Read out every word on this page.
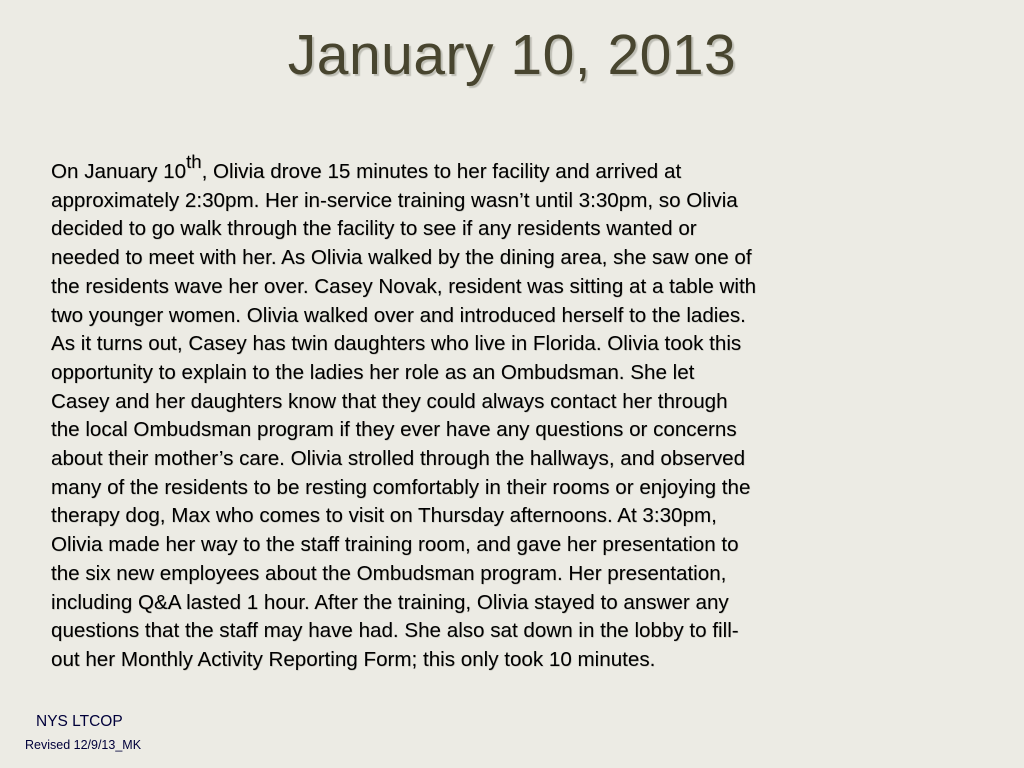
January 10, 2013
On January 10th, Olivia drove 15 minutes to her facility and arrived at
approximately 2:30pm. Her in-service training wasn’t until 3:30pm, so Olivia
decided to go walk through the facility to see if any residents wanted or
needed to meet with her. As Olivia walked by the dining area, she saw one of
the residents wave her over. Casey Novak, resident was sitting at a table with
two younger women. Olivia walked over and introduced herself to the ladies.
As it turns out, Casey has twin daughters who live in Florida. Olivia took this
opportunity to explain to the ladies her role as an Ombudsman. She let
Casey and her daughters know that they could always contact her through
the local Ombudsman program if they ever have any questions or concerns
about their mother’s care. Olivia strolled through the hallways, and observed
many of the residents to be resting comfortably in their rooms or enjoying the
therapy dog, Max who comes to visit on Thursday afternoons. At 3:30pm,
Olivia made her way to the staff training room, and gave her presentation to
the six new employees about the Ombudsman program. Her presentation,
including Q&A lasted 1 hour. After the training, Olivia stayed to answer any
questions that the staff may have had. She also sat down in the lobby to fill-
out her Monthly Activity Reporting Form; this only took 10 minutes.
NYS LTCOP
Revised 12/9/13_MK
